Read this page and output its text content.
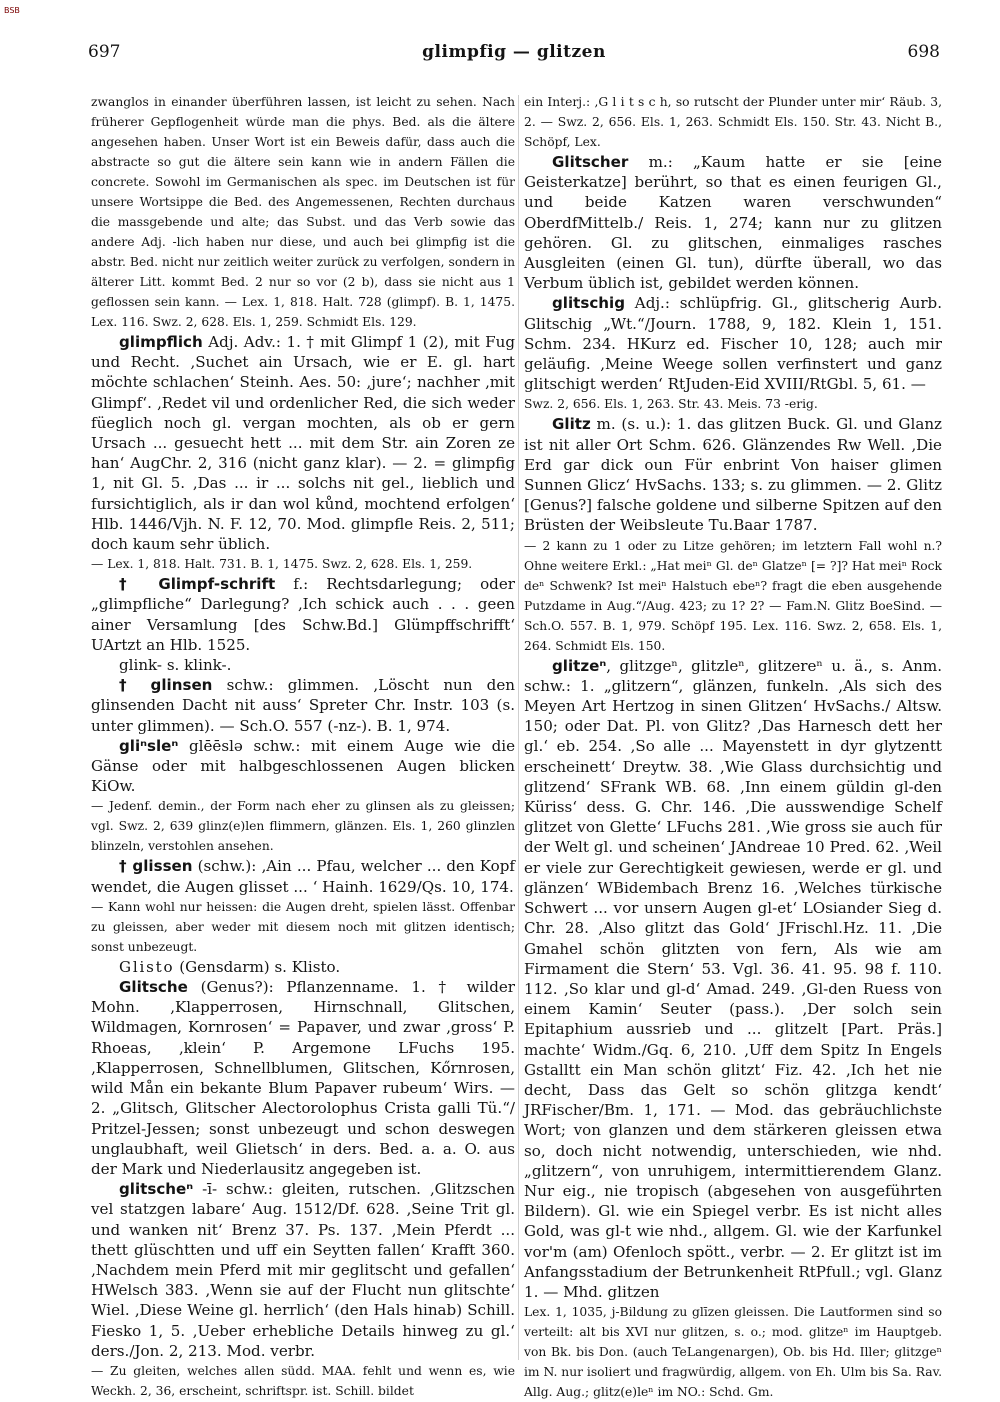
BSB
697	glimpfig — glitzen	698

zwanglos in einander überführen lassen, ist leicht zu sehen. Nach früherer Gepflogenheit würde man die phys. Bed. als die ältere angesehen haben. Unser Wort ist ein Beweis dafür, dass auch die abstracte so gut die ältere sein kann wie in andern Fällen die concrete. Sowohl im Germanischen als spec. im Deutschen ist für unsere Wortsippe die Bed. des Angemessenen, Rechten durchaus die massgebende und alte; das Subst. und das Verb sowie das andere Adj. -lich haben nur diese, und auch bei glimpfig ist die abstr. Bed. nicht nur zeitlich weiter zurück zu verfolgen, sondern in älterer Litt. kommt Bed. 2 nur so vor (2 b), dass sie nicht aus 1 geflossen sein kann. — Lex. 1, 818. Halt. 728 (glimpf). B. 1, 1475. Lex. 116. Swz. 2, 628. Els. 1, 259. Schmidt Els. 129.

glimpflich Adj. Adv.: 1. † mit Glimpf 1 (2), mit Fug und Recht. ‚Suchet ain Ursach, wie er E. gl. hart möchte schlachen‘ Steinh. Aes. 50: ‚jure‘; nachher ‚mit Glimpf‘. ‚Redet vil und ordenlicher Red, die sich weder füeglich noch gl. vergan mochten, als ob er gern Ursach ... gesuecht hett ... mit dem Str. ain Zoren ze han‘ AugChr. 2, 316 (nicht ganz klar). — 2. = glimpfig 1, nit Gl. 5. ‚Das ... ir ... solchs nit gel., lieblich und fursichtiglich, als ir dan wol kůnd, mochtend erfolgen‘ Hlb. 1446/Vjh. N. F. 12, 70. Mod. glimpfle Reis. 2, 511; doch kaum sehr üblich.

— Lex. 1, 818. Halt. 731. B. 1, 1475. Swz. 2, 628. Els. 1, 259.

† Glimpf-schrift f.: Rechtsdarlegung; oder „glimpfliche“ Darlegung? ‚Ich schick auch . . . geen ainer Versamlung [des Schw.Bd.] Glümpffschrifft‘ UArtzt an Hlb. 1525.

glink- s. klink-.

† glinsen schw.: glimmen. ‚Löscht nun den glinsenden Dacht nit auss‘ Spreter Chr. Instr. 103 (s. unter glimmen). — Sch.O. 557 (-nz-). B. 1, 974.

gliⁿsleⁿ glēēslə schw.: mit einem Auge wie die Gänse oder mit halbgeschlossenen Augen blicken KiOw.

— Jedenf. demin., der Form nach eher zu glinsen als zu gleissen; vgl. Swz. 2, 639 glinz(e)len flimmern, glänzen. Els. 1, 260 glinzlen blinzeln, verstohlen ansehen.

† glissen (schw.): ‚Ain ... Pfau, welcher ... den Kopf wendet, die Augen glisset ... ‘ Hainh. 1629/Qs. 10, 174.

— Kann wohl nur heissen: die Augen dreht, spielen lässt. Offenbar zu gleissen, aber weder mit diesem noch mit glitzen identisch; sonst unbezeugt.

Glisto (Gensdarm) s. Klisto.

Glitsche (Genus?): Pflanzenname. 1. † wilder Mohn. ‚Klapperrosen, Hirnschnall, Glitschen, Wildmagen, Kornrosen‘ = Papaver, und zwar ‚gross‘ P. Rhoeas, ‚klein‘ P. Argemone LFuchs 195. ‚Klapperrosen, Schnellblumen, Glitschen, Kőrnrosen, wild Mån ein bekante Blum Papaver rubeum‘ Wirs. — 2. „Glitsch, Glitscher Alectorolophus Crista galli Tü.“/ Pritzel-Jessen; sonst unbezeugt und schon deswegen unglaubhaft, weil Glietsch‘ in ders. Bed. a. a. O. aus der Mark und Niederlausitz angegeben ist.

glitscheⁿ -ī- schw.: gleiten, rutschen. ‚Glitzschen vel statzgen labare‘ Aug. 1512/Df. 628. ‚Seine Trit gl. und wanken nit‘ Brenz 37. Ps. 137. ‚Mein Pferdt ... thett glüschtten und uff ein Seytten fallen‘ Krafft 360. ‚Nachdem mein Pferd mit mir geglitscht und gefallen‘ HWelsch 383. ‚Wenn sie auf der Flucht nun glitschte‘ Wiel. ‚Diese Weine gl. herrlich‘ (den Hals hinab) Schill. Fiesko 1, 5. ‚Ueber erhebliche Details hinweg zu gl.‘ ders./Jon. 2, 213. Mod. verbr.

— Zu gleiten, welches allen südd. MAA. fehlt und wenn es, wie Weckh. 2, 36, erscheint, schriftspr. ist. Schill. bildet

ein Interj.: ‚G l i t s c h, so rutscht der Plunder unter mir‘ Räub. 3, 2. — Swz. 2, 656. Els. 1, 263. Schmidt Els. 150. Str. 43. Nicht B., Schöpf, Lex.

Glitscher m.: „Kaum hatte er sie [eine Geisterkatze] berührt, so that es einen feurigen Gl., und beide Katzen waren verschwunden“ OberdfMittelb./ Reis. 1, 274; kann nur zu glitzen gehören. Gl. zu glitschen, einmaliges rasches Ausgleiten (einen Gl. tun), dürfte überall, wo das Verbum üblich ist, gebildet werden können.

glitschig Adj.: schlüpfrig. Gl., glitscherig Aurb. Glitschig „Wt.“/Journ. 1788, 9, 182. Klein 1, 151. Schm. 234. HKurz ed. Fischer 10, 128; auch mir geläufig. ‚Meine Weege sollen verfinstert und ganz glitschigt werden‘ RtJuden-Eid XVIII/RtGbl. 5, 61. —

Swz. 2, 656. Els. 1, 263. Str. 43. Meis. 73 -erig.

Glitz m. (s. u.): 1. das glitzen Buck. Gl. und Glanz ist nit aller Ort Schm. 626. Glänzendes Rw Well. ‚Die Erd gar dick oun Für enbrint Von haiser glimen Sunnen Glicz‘ HvSachs. 133; s. zu glimmen. — 2. Glitz [Genus?] falsche goldene und silberne Spitzen auf den Brüsten der Weibsleute Tu.Baar 1787.

— 2 kann zu 1 oder zu Litze gehören; im letztern Fall wohl n.? Ohne weitere Erkl.: „Hat meiⁿ Gl. deⁿ Glatzeⁿ [= ?]? Hat meiⁿ Rock deⁿ Schwenk? Ist meiⁿ Halstuch ebeⁿ? fragt die eben ausgehende Putzdame in Aug.“/Aug. 423; zu 1? 2? — Fam.N. Glitz BoeSind. — Sch.O. 557. B. 1, 979. Schöpf 195. Lex. 116. Swz. 2, 658. Els. 1, 264. Schmidt Els. 150.

glitzeⁿ, glitzgeⁿ, glitzleⁿ, glitzereⁿ u. ä., s. Anm. schw.: 1. „glitzern“, glänzen, funkeln. ‚Als sich des Meyen Art Hertzog in sinen Glitzen‘ HvSachs./ Altsw. 150; oder Dat. Pl. von Glitz? ‚Das Harnesch dett her gl.‘ eb. 254. ‚So alle ... Mayenstett in dyr glytzentt erscheinett‘ Dreytw. 38. ‚Wie Glass durchsichtig und glitzend‘ SFrank WB. 68. ‚Inn einem güldin gl-den Küriss‘ dess. G. Chr. 146. ‚Die ausswendige Schelf glitzet von Glette‘ LFuchs 281. ‚Wie gross sie auch für der Welt gl. und scheinen‘ JAndreae 10 Pred. 62. ‚Weil er viele zur Gerechtigkeit gewiesen, werde er gl. und glänzen‘ WBidembach Brenz 16. ‚Welches türkische Schwert ... vor unsern Augen gl-et‘ LOsiander Sieg d. Chr. 28. ‚Also glitzt das Gold‘ JFrischl.Hz. 11. ‚Die Gmahel schön glitzten von fern, Als wie am Firmament die Stern‘ 53. Vgl. 36. 41. 95. 98 f. 110. 112. ‚So klar und gl-d‘ Amad. 249. ‚Gl-den Ruess von einem Kamin‘ Seuter (pass.). ‚Der solch sein Epitaphium aussrieb und ... glitzelt [Part. Präs.] machte‘ Widm./Gq. 6, 210. ‚Uff dem Spitz In Engels Gstalltt ein Man schön glitzt‘ Fiz. 42. ‚Ich het nie decht, Dass das Gelt so schön glitzga kendt‘ JRFischer/Bm. 1, 171. — Mod. das gebräuchlichste Wort; von glanzen und dem stärkeren gleissen etwa so, doch nicht notwendig, unterschieden, wie nhd. „glitzern“, von unruhigem, intermittierendem Glanz. Nur eig., nie tropisch (abgesehen von ausgeführten Bildern). Gl. wie ein Spiegel verbr. Es ist nicht alles Gold, was gl-t wie nhd., allgem. Gl. wie der Karfunkel vor'm (am) Ofenloch spött., verbr. — 2. Er glitzt ist im Anfangsstadium der Betrunkenheit RtPfull.; vgl. Glanz 1. — Mhd. glitzen

Lex. 1, 1035, j-Bildung zu glīzen gleissen. Die Lautformen sind so verteilt: alt bis XVI nur glitzen, s. o.; mod. glitzeⁿ im Hauptgeb. von Bk. bis Don. (auch TeLangenargen), Ob. bis Hd. Iller; glitzgeⁿ im N. nur isoliert und fragwürdig, allgem. von Eh. Ulm bis Sa. Rav. Allg. Aug.; glitz(e)leⁿ im NO.: Schd. Gm.
